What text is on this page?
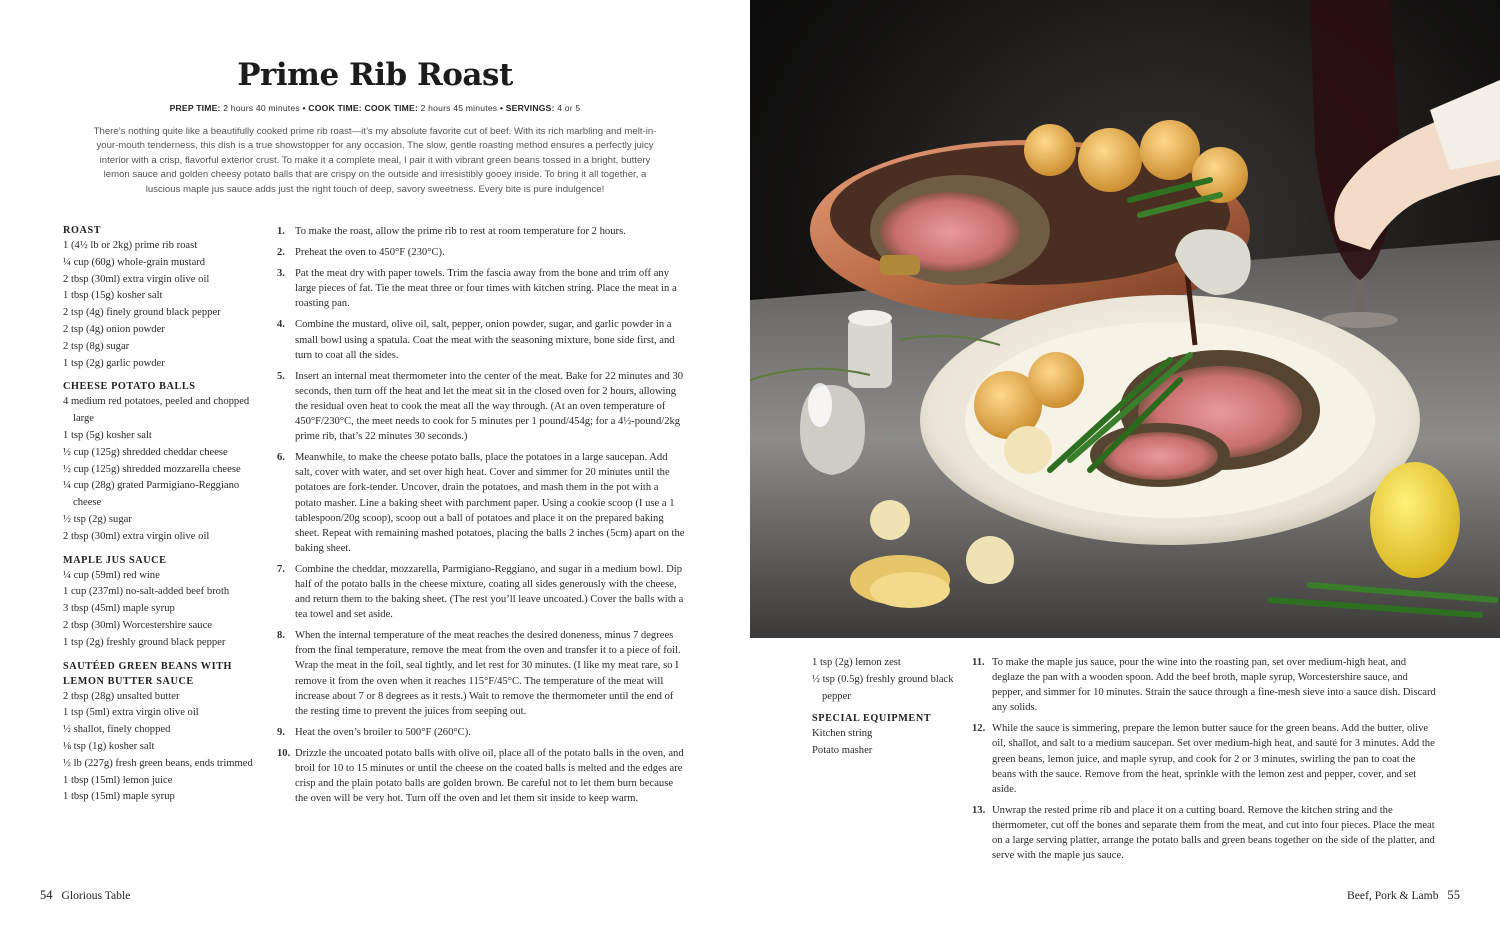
Prime Rib Roast
PREP TIME: 2 hours 40 minutes • COOK TIME: COOK TIME: 2 hours 45 minutes • SERVINGS: 4 or 5

There’s nothing quite like a beautifully cooked prime rib roast—it’s my absolute favorite cut of beef. With its rich marbling and melt-in-your-mouth tenderness, this dish is a true showstopper for any occasion. The slow, gentle roasting method ensures a perfectly juicy interior with a crisp, flavorful exterior crust. To make it a complete meal, I pair it with vibrant green beans tossed in a bright, buttery lemon sauce and golden cheesy potato balls that are crispy on the outside and irresistibly gooey inside. To bring it all together, a luscious maple jus sauce adds just the right touch of deep, savory sweetness. Every bite is pure indulgence!

ROAST
1 (4½ lb or 2kg) prime rib roast
¼ cup (60g) whole-grain mustard
2 tbsp (30ml) extra virgin olive oil
1 tbsp (15g) kosher salt
2 tsp (4g) finely ground black pepper
2 tsp (4g) onion powder
2 tsp (8g) sugar
1 tsp (2g) garlic powder
CHEESE POTATO BALLS
4 medium red potatoes, peeled and chopped large
1 tsp (5g) kosher salt
½ cup (125g) shredded cheddar cheese
½ cup (125g) shredded mozzarella cheese
¼ cup (28g) grated Parmigiano-Reggiano cheese
½ tsp (2g) sugar
2 tbsp (30ml) extra virgin olive oil
MAPLE JUS SAUCE
¼ cup (59ml) red wine
1 cup (237ml) no-salt-added beef broth
3 tbsp (45ml) maple syrup
2 tbsp (30ml) Worcestershire sauce
1 tsp (2g) freshly ground black pepper
SAUTÉED GREEN BEANS WITH LEMON BUTTER SAUCE
2 tbsp (28g) unsalted butter
1 tsp (5ml) extra virgin olive oil
½ shallot, finely chopped
⅛ tsp (1g) kosher salt
½ lb (227g) fresh green beans, ends trimmed
1 tbsp (15ml) lemon juice
1 tbsp (15ml) maple syrup
1. To make the roast, allow the prime rib to rest at room temperature for 2 hours.
2. Preheat the oven to 450°F (230°C).
3. Pat the meat dry with paper towels. Trim the fascia away from the bone and trim off any large pieces of fat. Tie the meat three or four times with kitchen string. Place the meat in a roasting pan.
4. Combine the mustard, olive oil, salt, pepper, onion powder, sugar, and garlic powder in a small bowl using a spatula. Coat the meat with the seasoning mixture, bone side first, and turn to coat all the sides.
5. Insert an internal meat thermometer into the center of the meat. Bake for 22 minutes and 30 seconds, then turn off the heat and let the meat sit in the closed oven for 2 hours, allowing the residual oven heat to cook the meat all the way through. (At an oven temperature of 450°F/230°C, the meet needs to cook for 5 minutes per 1 pound/454g; for a 4½-pound/2kg prime rib, that’s 22 minutes 30 seconds.)
6. Meanwhile, to make the cheese potato balls, place the potatoes in a large saucepan. Add salt, cover with water, and set over high heat. Cover and simmer for 20 minutes until the potatoes are fork-tender. Uncover, drain the potatoes, and mash them in the pot with a potato masher. Line a baking sheet with parchment paper. Using a cookie scoop (I use a 1 tablespoon/20g scoop), scoop out a ball of potatoes and place it on the prepared baking sheet. Repeat with remaining mashed potatoes, placing the balls 2 inches (5cm) apart on the baking sheet.
7. Combine the cheddar, mozzarella, Parmigiano-Reggiano, and sugar in a medium bowl. Dip half of the potato balls in the cheese mixture, coating all sides generously with the cheese, and return them to the baking sheet. (The rest you’ll leave uncoated.) Cover the balls with a tea towel and set aside.
8. When the internal temperature of the meat reaches the desired doneness, minus 7 degrees from the final temperature, remove the meat from the oven and transfer it to a piece of foil. Wrap the meat in the foil, seal tightly, and let rest for 30 minutes. (I like my meat rare, so I remove it from the oven when it reaches 115°F/45°C. The temperature of the meat will increase about 7 or 8 degrees as it rests.) Wait to remove the thermometer until the end of the resting time to prevent the juices from seeping out.
9. Heat the oven’s broiler to 500°F (260°C).
10. Drizzle the uncoated potato balls with olive oil, place all of the potato balls in the oven, and broil for 10 to 15 minutes or until the cheese on the coated balls is melted and the edges are crisp and the plain potato balls are golden brown. Be careful not to let them burn because the oven will be very hot. Turn off the oven and let them sit inside to keep warm.
54 Glorious Table
1 tsp (2g) lemon zest
½ tsp (0.5g) freshly ground black pepper
SPECIAL EQUIPMENT
Kitchen string
Potato masher
11. To make the maple jus sauce, pour the wine into the roasting pan, set over medium-high heat, and deglaze the pan with a wooden spoon. Add the beef broth, maple syrup, Worcestershire sauce, and pepper, and simmer for 10 minutes. Strain the sauce through a fine-mesh sieve into a sauce dish. Discard any solids.
12. While the sauce is simmering, prepare the lemon butter sauce for the green beans. Add the butter, olive oil, shallot, and salt to a medium saucepan. Set over medium-high heat, and sauté for 3 minutes. Add the green beans, lemon juice, and maple syrup, and cook for 2 or 3 minutes, swirling the pan to coat the beans with the sauce. Remove from the heat, sprinkle with the lemon zest and pepper, cover, and set aside.
13. Unwrap the rested prime rib and place it on a cutting board. Remove the kitchen string and the thermometer, cut off the bones and separate them from the meat, and cut into four pieces. Place the meat on a large serving platter, arrange the potato balls and green beans together on the side of the platter, and serve with the maple jus sauce.
Beef, Pork & Lamb 55
